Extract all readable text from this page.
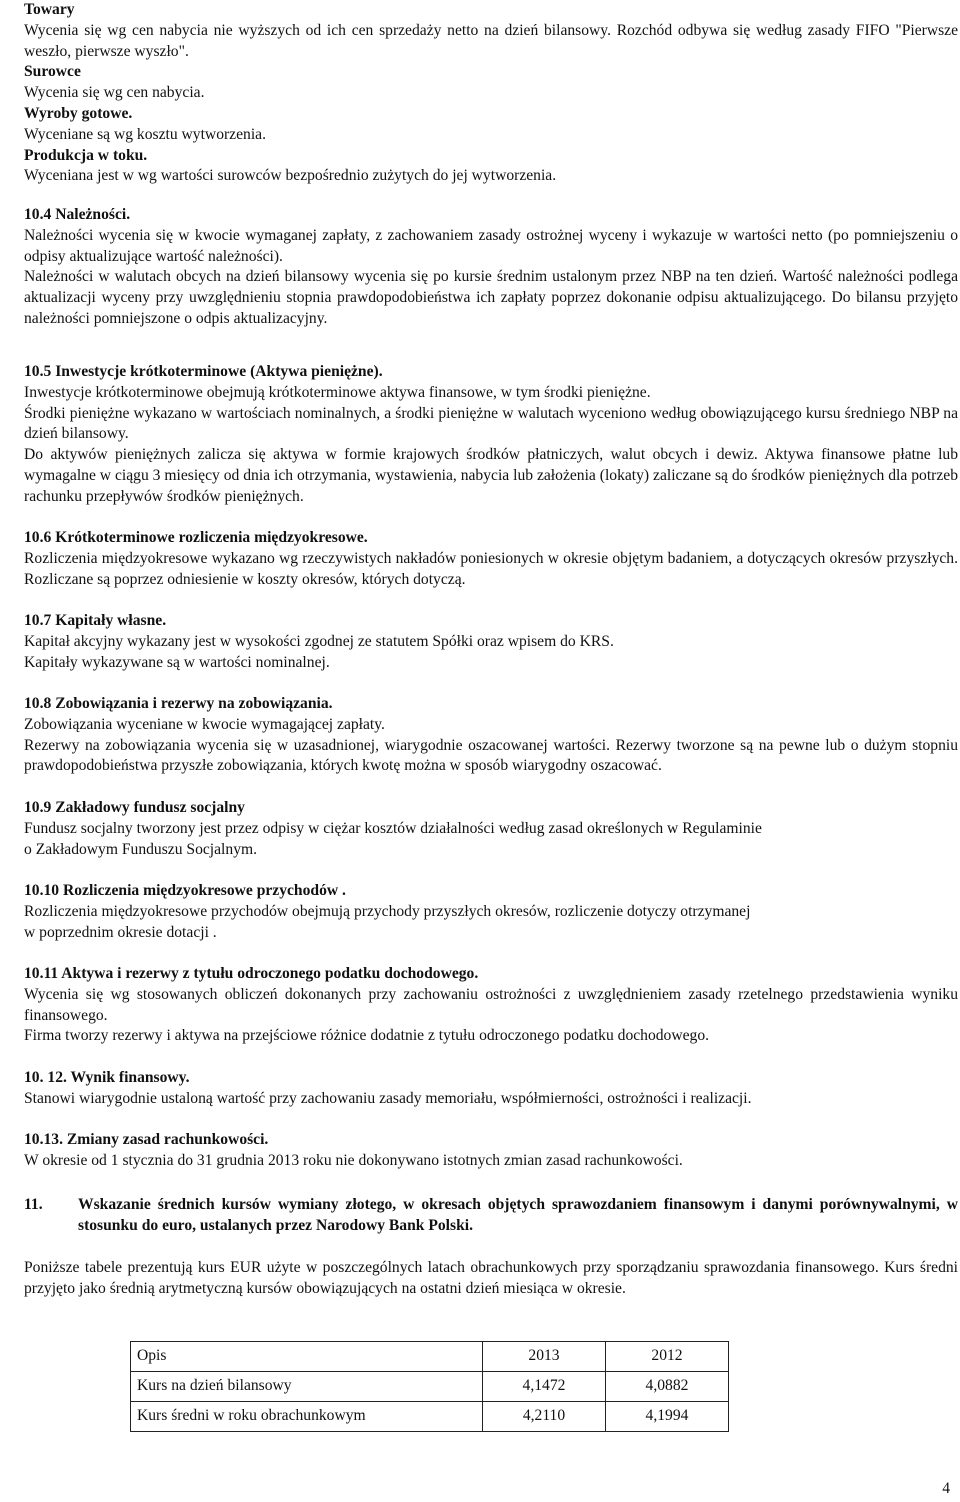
Towary
Wycenia się wg cen nabycia nie wyższych od ich cen sprzedaży netto na dzień bilansowy. Rozchód odbywa się według zasady FIFO "Pierwsze weszło, pierwsze wyszło".
Surowce
Wycenia się wg cen nabycia.
Wyroby gotowe.
Wyceniane są wg kosztu wytworzenia.
Produkcja w toku.
Wyceniana jest w wg wartości surowców bezpośrednio zużytych do jej wytworzenia.
10.4 Należności.
Należności wycenia się w kwocie wymaganej zapłaty, z zachowaniem zasady ostrożnej wyceny i wykazuje w wartości netto (po pomniejszeniu o odpisy aktualizujące wartość należności).
Należności w walutach obcych na dzień bilansowy wycenia się po kursie średnim ustalonym przez NBP na ten dzień. Wartość należności podlega aktualizacji wyceny przy uwzględnieniu stopnia prawdopodobieństwa ich zapłaty poprzez dokonanie odpisu aktualizującego. Do bilansu przyjęto należności pomniejszone o odpis aktualizacyjny.
10.5 Inwestycje krótkoterminowe (Aktywa pieniężne).
Inwestycje krótkoterminowe obejmują krótkoterminowe aktywa finansowe, w tym środki pieniężne.
Środki pieniężne wykazano w wartościach nominalnych, a środki pieniężne w walutach wyceniono według obowiązującego kursu średniego NBP na dzień bilansowy.
Do aktywów pieniężnych zalicza się aktywa w formie krajowych środków płatniczych, walut obcych i dewiz. Aktywa finansowe płatne lub wymagalne w ciągu 3 miesięcy od dnia ich otrzymania, wystawienia, nabycia lub założenia (lokaty) zaliczane są do środków pieniężnych dla potrzeb rachunku przepływów środków pieniężnych.
10.6 Krótkoterminowe rozliczenia międzyokresowe.
Rozliczenia międzyokresowe wykazano wg rzeczywistych nakładów poniesionych w okresie objętym badaniem, a dotyczących okresów przyszłych. Rozliczane są poprzez odniesienie w koszty okresów, których dotyczą.
10.7 Kapitały własne.
Kapitał akcyjny wykazany jest w wysokości zgodnej ze statutem Spółki oraz wpisem do KRS.
Kapitały wykazywane są w wartości nominalnej.
10.8 Zobowiązania i rezerwy na zobowiązania.
Zobowiązania wyceniane w kwocie wymagającej zapłaty.
Rezerwy na zobowiązania wycenia się w uzasadnionej, wiarygodnie oszacowanej wartości. Rezerwy tworzone są na pewne lub o dużym stopniu prawdopodobieństwa przyszłe zobowiązania, których kwotę można w sposób wiarygodny oszacować.
10.9 Zakładowy fundusz socjalny
Fundusz socjalny tworzony jest przez odpisy w ciężar kosztów działalności według zasad określonych w Regulaminie
o Zakładowym Funduszu Socjalnym.
10.10 Rozliczenia międzyokresowe przychodów .
Rozliczenia międzyokresowe przychodów obejmują przychody przyszłych okresów, rozliczenie dotyczy otrzymanej
w poprzednim okresie dotacji .
10.11 Aktywa i rezerwy z tytułu odroczonego podatku dochodowego.
Wycenia się wg stosowanych obliczeń dokonanych przy zachowaniu ostrożności z uwzględnieniem zasady rzetelnego przedstawienia wyniku finansowego.
Firma tworzy rezerwy i aktywa na przejściowe różnice dodatnie z tytułu odroczonego podatku dochodowego.
10. 12. Wynik finansowy.
Stanowi wiarygodnie ustaloną wartość przy zachowaniu zasady memoriału, współmierności, ostrożności i realizacji.
10.13. Zmiany zasad rachunkowości.
W okresie od 1 stycznia do 31 grudnia 2013 roku nie dokonywano istotnych zmian zasad rachunkowości.
11.	Wskazanie średnich kursów wymiany złotego, w okresach objętych sprawozdaniem finansowym i danymi porównywalnymi, w stosunku do euro, ustalanych przez Narodowy Bank Polski.
Poniższe tabele prezentują kurs EUR użyte w poszczególnych latach obrachunkowych przy sporządzaniu sprawozdania finansowego. Kurs średni przyjęto jako średnią arytmetyczną kursów obowiązujących na ostatni dzień miesiąca w okresie.
Opis	2013	2012
Kurs na dzień bilansowy	4,1472	4,0882
Kurs średni w roku obrachunkowym	4,2110	4,1994
4
